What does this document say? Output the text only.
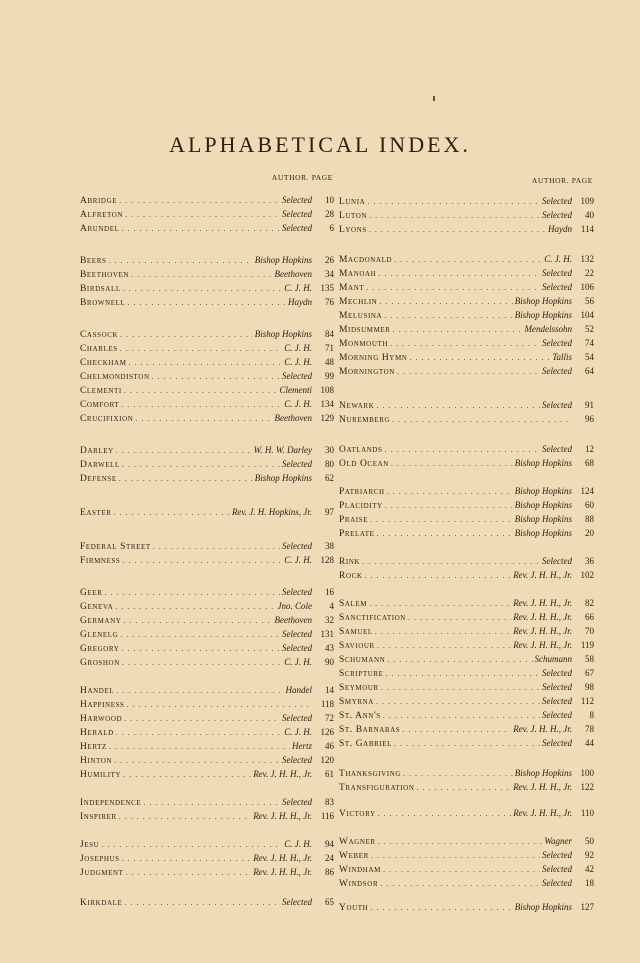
ALPHABETICAL INDEX.
AUTHOR. PAGE
Abridge . . .	Selected	10
Alfreton . . .	Selected	28
Arundel . . .	Selected	6
Beers . . .	Bishop Hopkins	26
Beethoven . . .	Beethoven	34
Birdsall . . .	C. J. H. 135
Brownell . . .	Haydn	76
Cassock . . .	Bishop Hopkins	84
Charles . . .	C. J. H.	71
Checkham . . .	C. J. H.	48
Chelmondiston . . .	Selected	99
Clementi . . .	Clementi 108
Comfort . . .	C. J. H. 134
Crucifixion . . .	Beethoven 129
Darley . . .	W. H. W. Darley	30
Darwell . . .	Selected	80
Defense . . .	Bishop Hopkins	62
Easter . . .	Rev. J. H. Hopkins, Jr.	97
Federal Street . . .	Selected	38
Firmness . . .	C. J. H. 128
Geer . . .	Selected	16
Geneva . . .	Jno. Cole	4
Germany . . .	Beethoven	32
Glenelg . . .	Selected 131
Gregory . . .	Selected	43
Groshon . . .	C. J. H.	90
Handel . . .	Handel	14
Happiness . . .	118
Harwood . . .	Selected	72
Herald . . .	C. J. H. 126
Hertz . . .	Hertz	46
Hinton . . .	Selected 120
Humility . . .	Rev. J. H. H., Jr.	61
Independence . . .	Selected	83
Inspirer . . .	Rev. J. H. H., Jr. 116
Jesu . . .	C. J. H.	94
Josephus . . .	Rev. J. H. H., Jr.	24
Judgment . . .	Rev. J. H. H., Jr.	86
Kirkdale . . .	Selected	65
AUTHOR. PAGE
Lunia . . .	Selected 109
Luton . . .	Selected	40
Lyons . . .	Haydn 114
Macdonald . . .	C. J. H. 132
Manoah . . .	Selected	22
Mant . . .	Selected 106
Mechlin . . .	Bishop Hopkins	56
Melusina . . .	Bishop Hopkins 104
Midsummer . . .	Mendelssohn	52
Monmouth . . .	Selected	74
Morning Hymn . . .	Tallis	54
Mornington . . .	Selected	64
Newark . . .	Selected	91
Nuremberg . . .	96
Oatlands . . .	Selected	12
Old Ocean . . .	Bishop Hopkins	68
Patriarch . . .	Bishop Hopkins 124
Placidity . . .	Bishop Hopkins	60
Praise . . .	Bishop Hopkins	88
Prelate . . .	Bishop Hopkins	20
Rink . . .	Selected	36
Rock . . .	Rev. J. H. H., Jr. 102
Salem . . .	Rev. J. H. H., Jr.	82
Sanctification . . .	Rev. J. H. H., Jr.	66
Samuel . . .	Rev. J. H. H., Jr.	70
Saviour . . .	Rev. J. H. H., Jr. 119
Schumann . . .	Schumann	58
Scripture . . .	Selected	67
Seymour . . .	Selected	98
Smyrna . . .	Selected 112
St. Ann's . . .	Selected	8
St. Barnabas . . .	Rev. J. H. H., Jr.	78
St. Gabriel . . .	Selected	44
Thanksgiving . . .	Bishop Hopkins 100
Transfiguration . . .	Rev. J. H. H., Jr. 122
Victory . . .	Rev. J. H. H., Jr. 110
Wagner . . .	Wagner	50
Weber . . .	Selected	92
Windham . . .	Selected	42
Windsor . . .	Selected	18
Youth . . .	Bishop Hopkins 127
